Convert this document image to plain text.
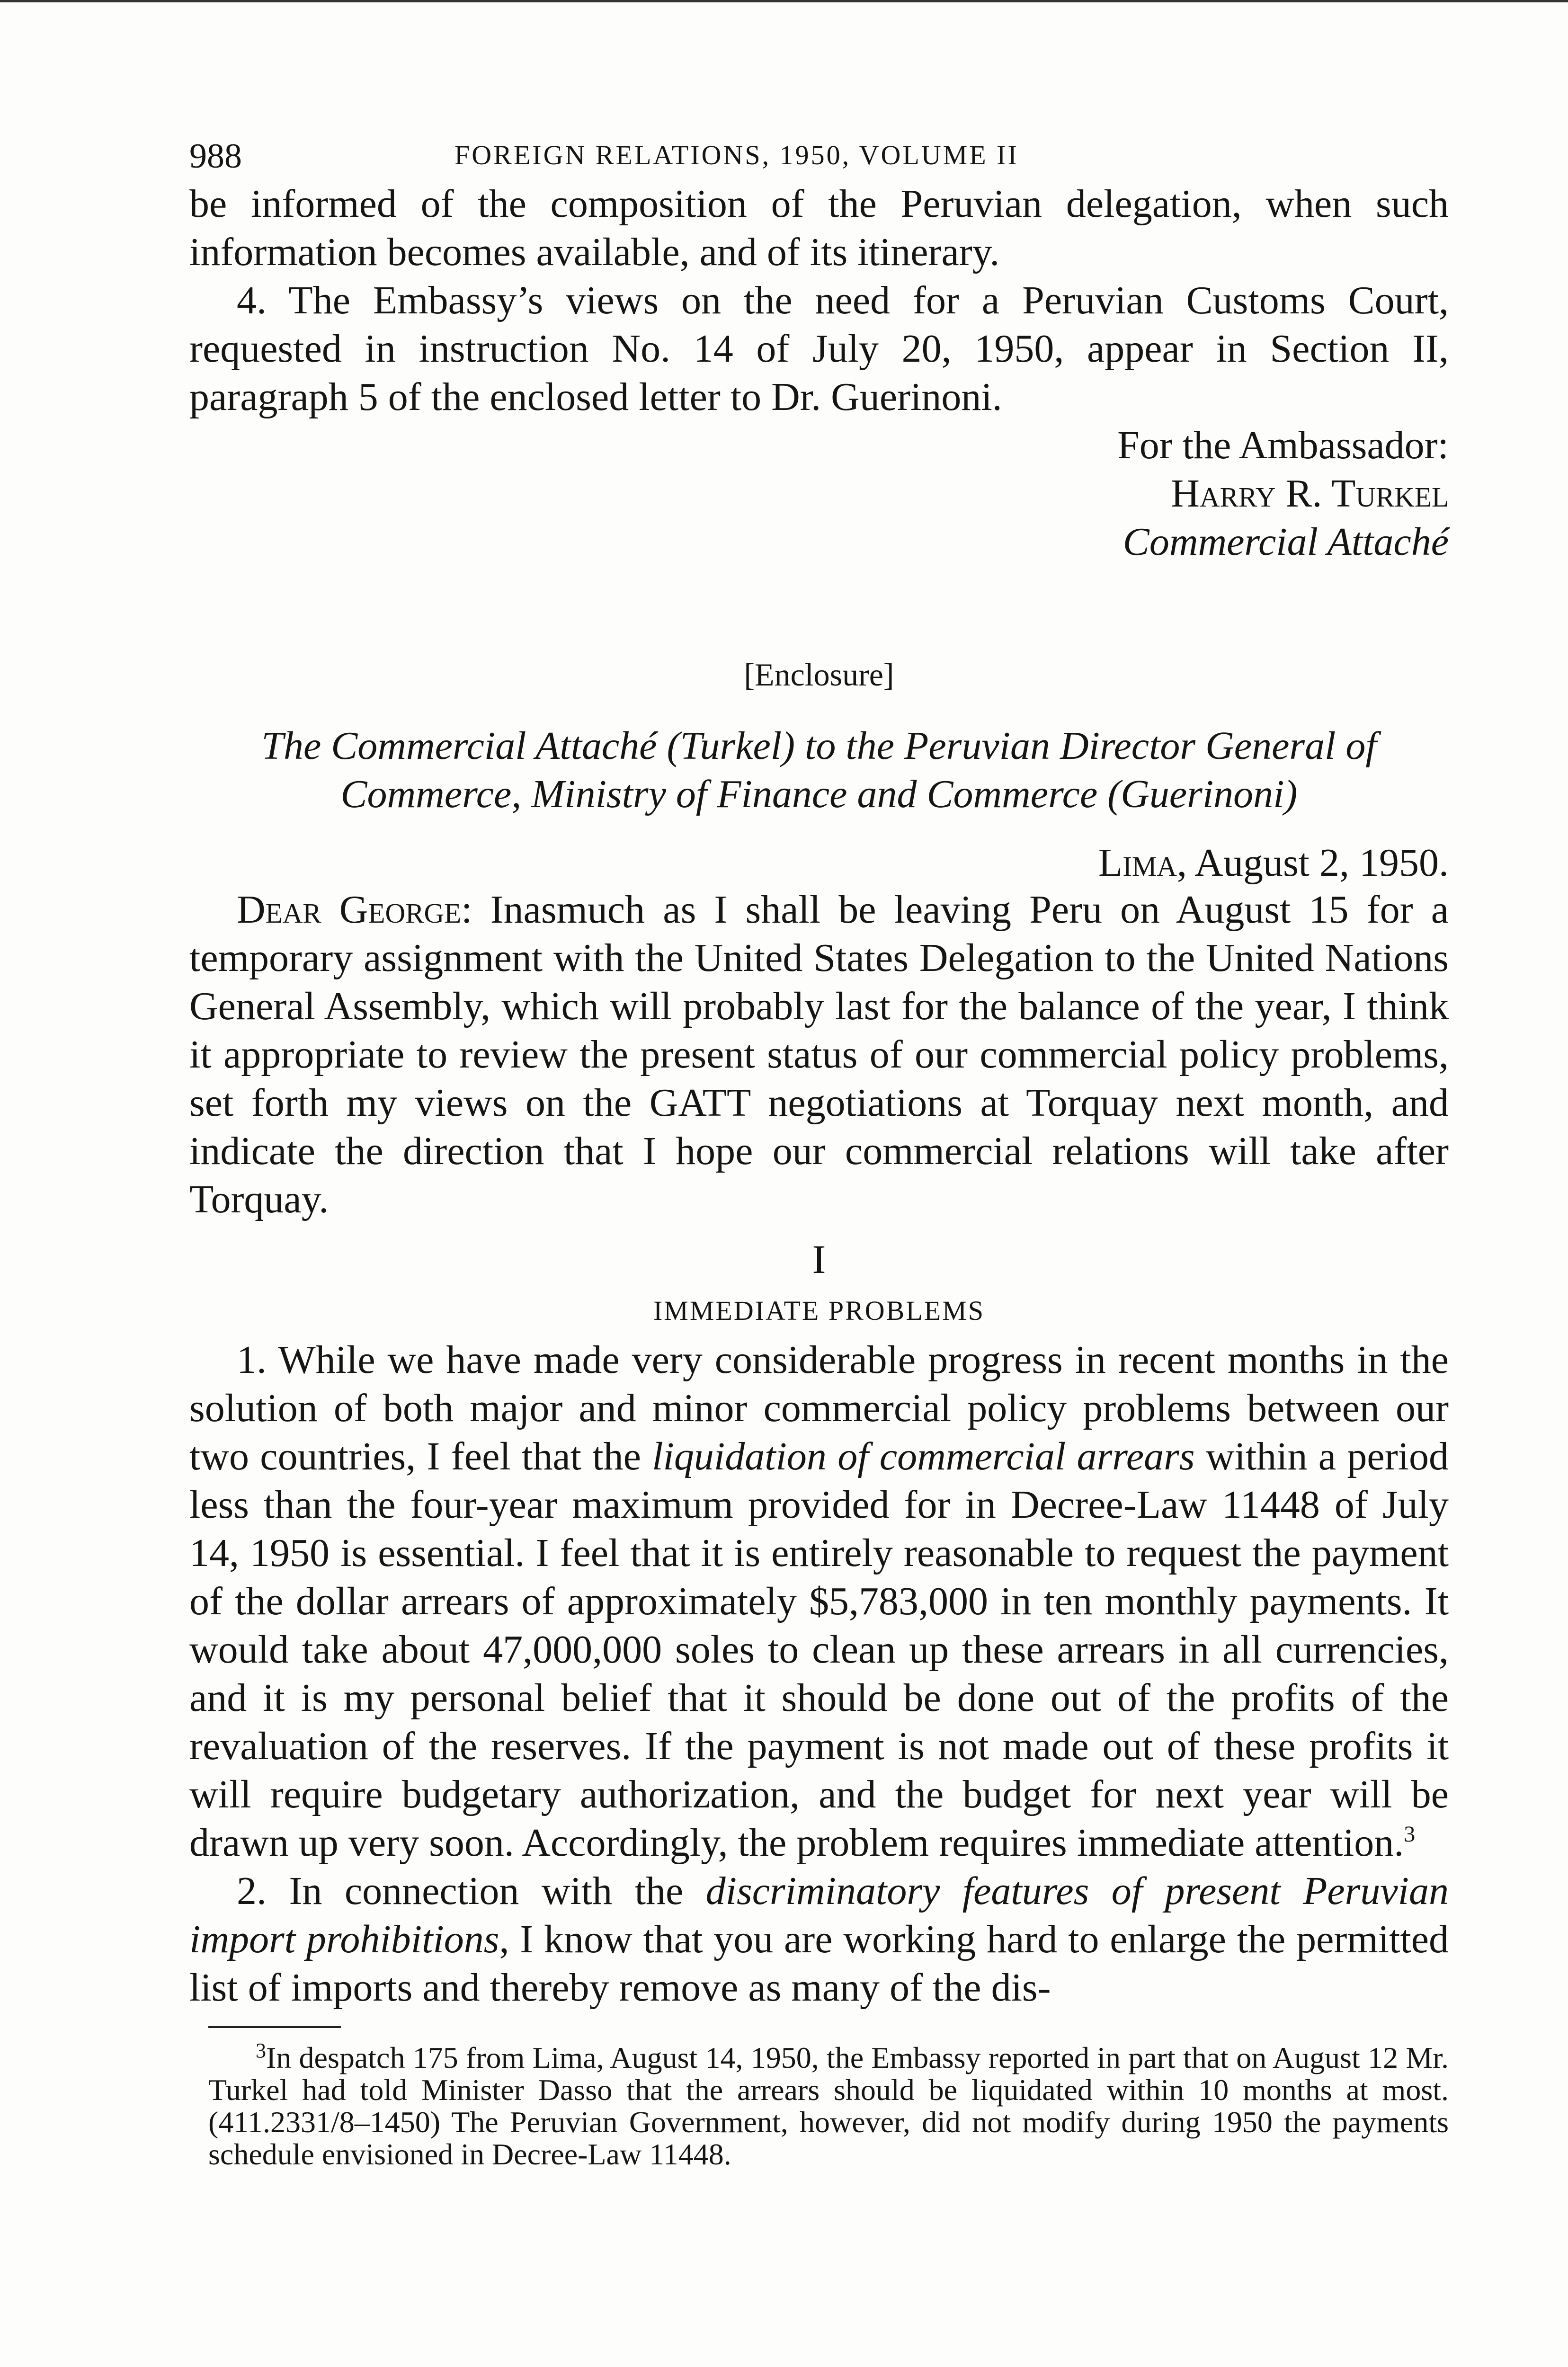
988	FOREIGN RELATIONS, 1950, VOLUME II

be informed of the composition of the Peruvian delegation, when such information becomes available, and of its itinerary.

4. The Embassy’s views on the need for a Peruvian Customs Court, requested in instruction No. 14 of July 20, 1950, appear in Section II, paragraph 5 of the enclosed letter to Dr. Guerinoni.

For the Ambassador:
Harry R. Turkel
Commercial Attaché
[Enclosure]
The Commercial Attaché (Turkel) to the Peruvian Director General of Commerce, Ministry of Finance and Commerce (Guerinoni)
Lima, August 2, 1950.

Dear George: Inasmuch as I shall be leaving Peru on August 15 for a temporary assignment with the United States Delegation to the United Nations General Assembly, which will probably last for the balance of the year, I think it appropriate to review the present status of our commercial policy problems, set forth my views on the GATT negotiations at Torquay next month, and indicate the direction that I hope our commercial relations will take after Torquay.

I
IMMEDIATE PROBLEMS

1. While we have made very considerable progress in recent months in the solution of both major and minor commercial policy problems between our two countries, I feel that the liquidation of commercial arrears within a period less than the four-year maximum provided for in Decree-Law 11448 of July 14, 1950 is essential. I feel that it is entirely reasonable to request the payment of the dollar arrears of approximately $5,783,000 in ten monthly payments. It would take about 47,000,000 soles to clean up these arrears in all currencies, and it is my personal belief that it should be done out of the profits of the revaluation of the reserves. If the payment is not made out of these profits it will require budgetary authorization, and the budget for next year will be drawn up very soon. Accordingly, the problem requires immediate attention.$^3$

2. In connection with the discriminatory features of present Peruvian import prohibitions, I know that you are working hard to enlarge the permitted list of imports and thereby remove as many of the dis-

$^3$In despatch 175 from Lima, August 14, 1950, the Embassy reported in part that on August 12 Mr. Turkel had told Minister Dasso that the arrears should be liquidated within 10 months at most. (411.2331/8–1450) The Peruvian Government, however, did not modify during 1950 the payments schedule envisioned in Decree-Law 11448.
